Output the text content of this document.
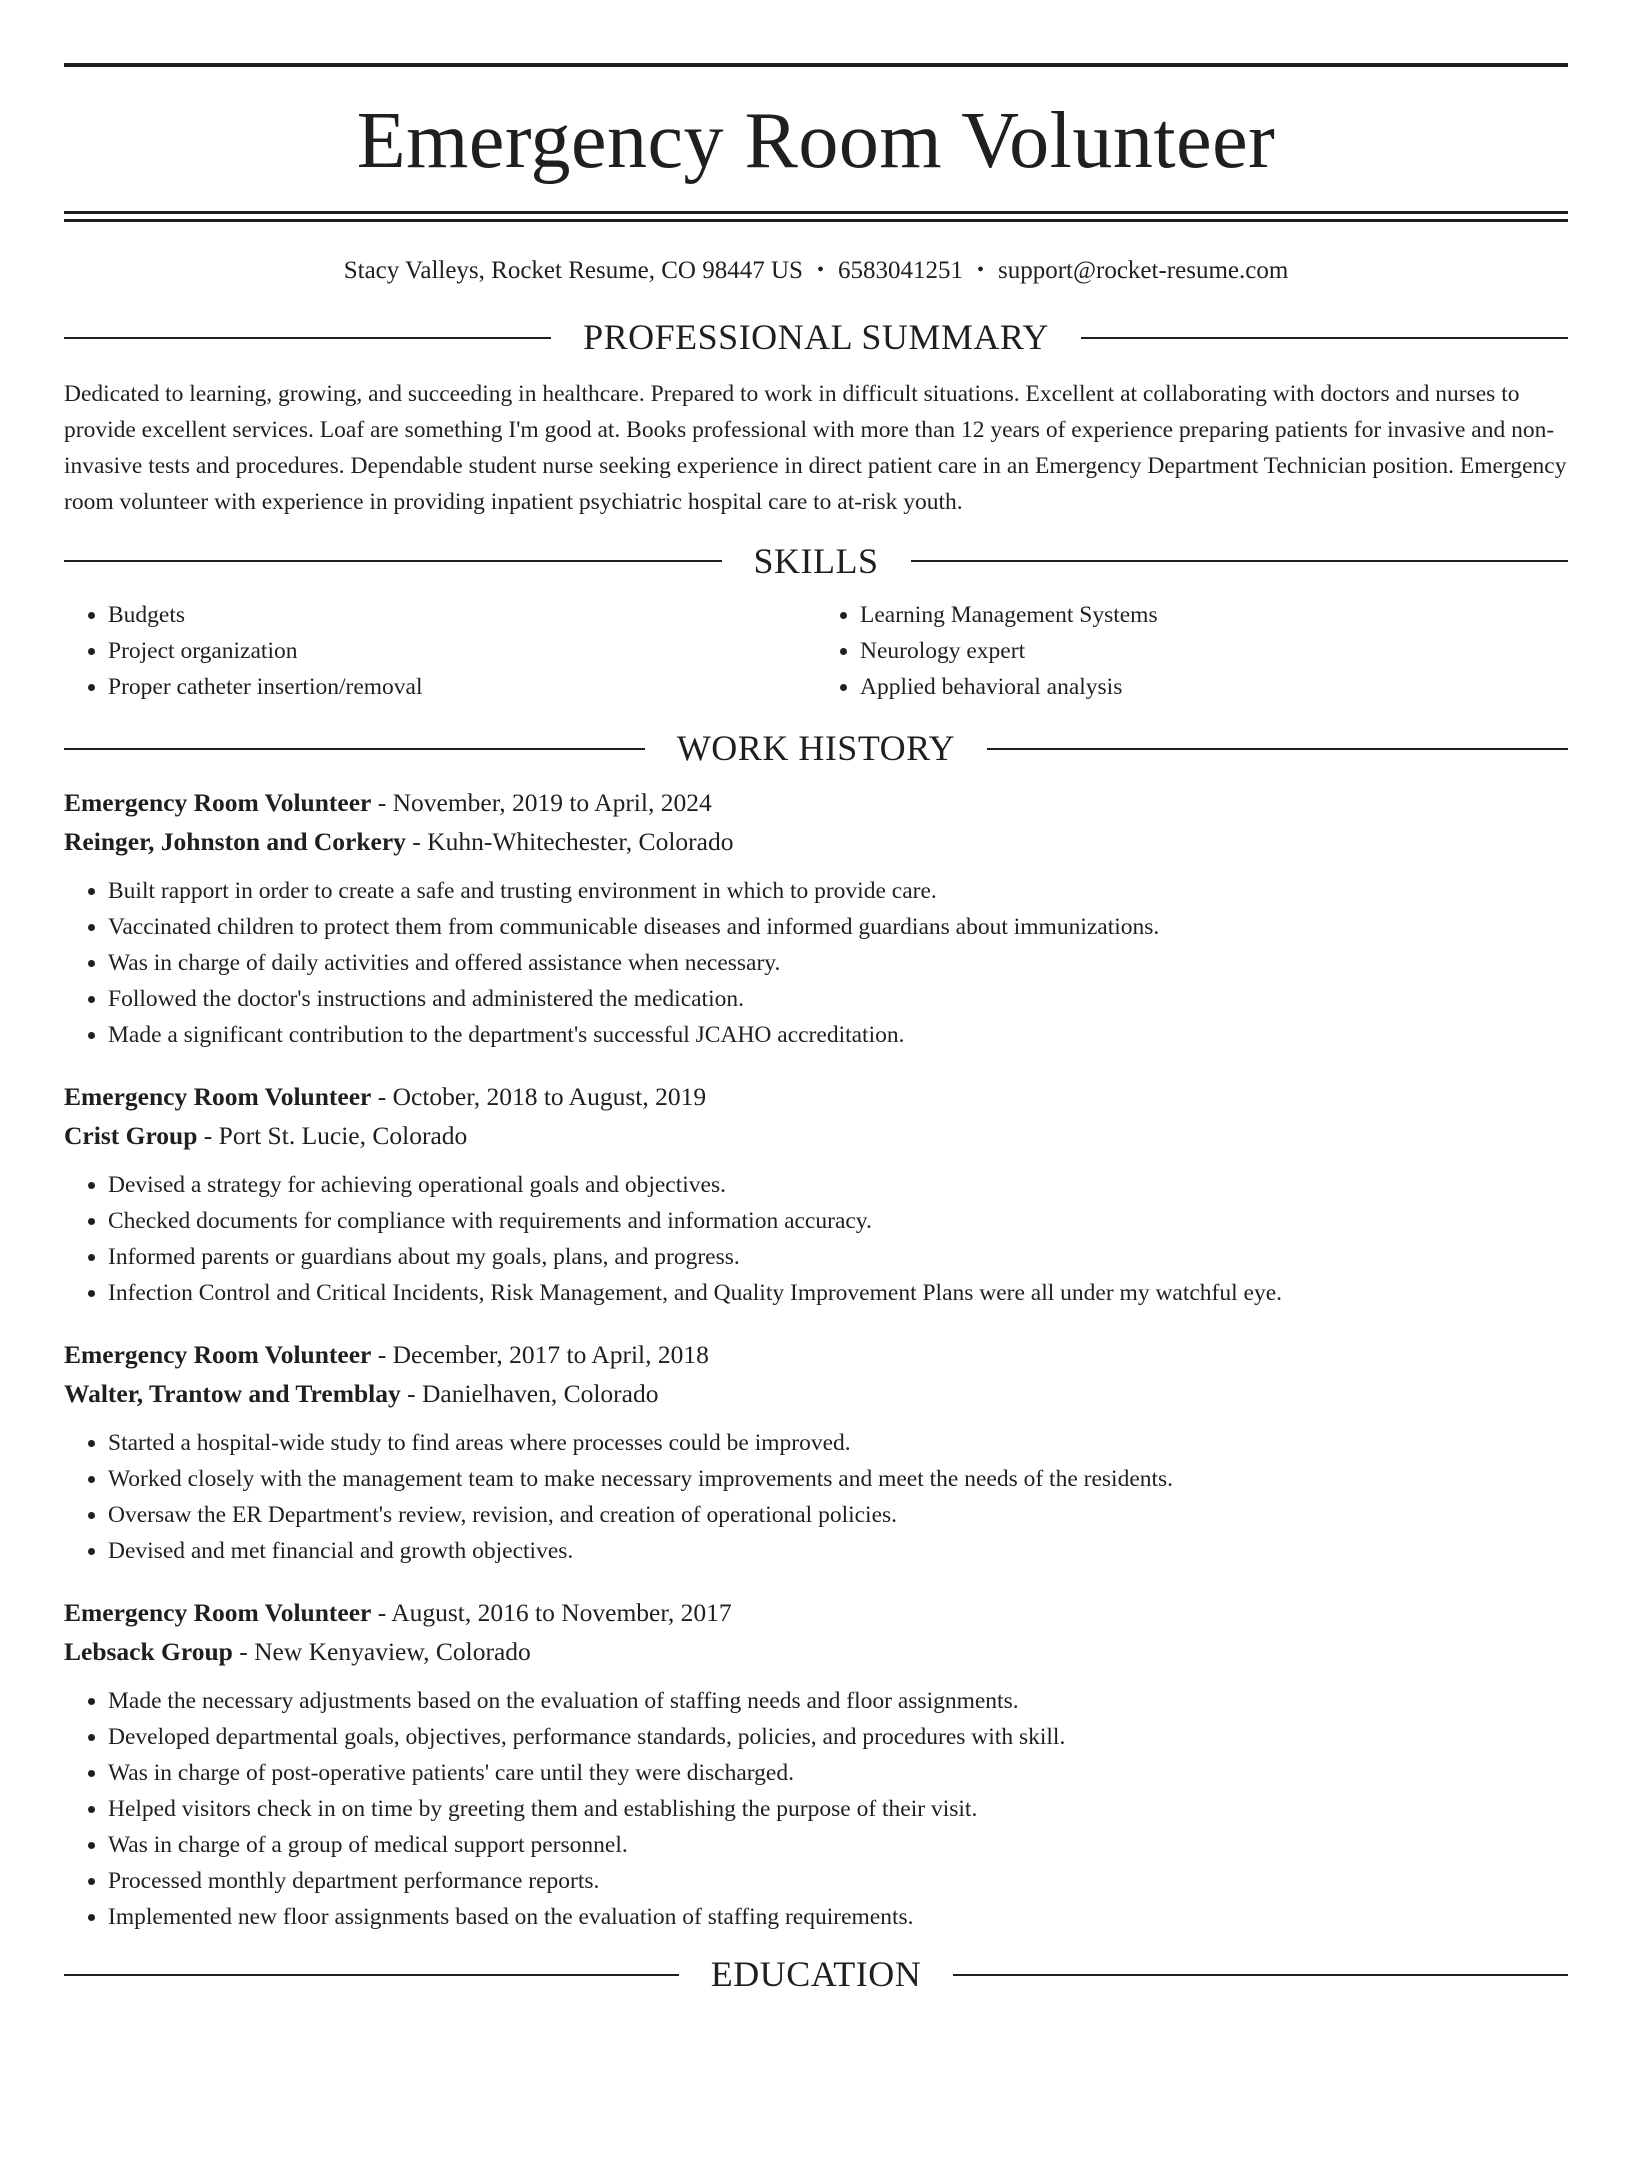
Emergency Room Volunteer
Stacy Valleys, Rocket Resume, CO 98447 US • 6583041251 • support@rocket-resume.com
PROFESSIONAL SUMMARY
Dedicated to learning, growing, and succeeding in healthcare. Prepared to work in difficult situations. Excellent at collaborating with doctors and nurses to provide excellent services. Loaf are something I'm good at. Books professional with more than 12 years of experience preparing patients for invasive and non-invasive tests and procedures. Dependable student nurse seeking experience in direct patient care in an Emergency Department Technician position. Emergency room volunteer with experience in providing inpatient psychiatric hospital care to at-risk youth.
SKILLS
• Budgets
• Project organization
• Proper catheter insertion/removal
• Learning Management Systems
• Neurology expert
• Applied behavioral analysis
WORK HISTORY
Emergency Room Volunteer - November, 2019 to April, 2024
Reinger, Johnston and Corkery - Kuhn-Whitechester, Colorado
• Built rapport in order to create a safe and trusting environment in which to provide care.
• Vaccinated children to protect them from communicable diseases and informed guardians about immunizations.
• Was in charge of daily activities and offered assistance when necessary.
• Followed the doctor's instructions and administered the medication.
• Made a significant contribution to the department's successful JCAHO accreditation.
Emergency Room Volunteer - October, 2018 to August, 2019
Crist Group - Port St. Lucie, Colorado
• Devised a strategy for achieving operational goals and objectives.
• Checked documents for compliance with requirements and information accuracy.
• Informed parents or guardians about my goals, plans, and progress.
• Infection Control and Critical Incidents, Risk Management, and Quality Improvement Plans were all under my watchful eye.
Emergency Room Volunteer - December, 2017 to April, 2018
Walter, Trantow and Tremblay - Danielhaven, Colorado
• Started a hospital-wide study to find areas where processes could be improved.
• Worked closely with the management team to make necessary improvements and meet the needs of the residents.
• Oversaw the ER Department's review, revision, and creation of operational policies.
• Devised and met financial and growth objectives.
Emergency Room Volunteer - August, 2016 to November, 2017
Lebsack Group - New Kenyaview, Colorado
• Made the necessary adjustments based on the evaluation of staffing needs and floor assignments.
• Developed departmental goals, objectives, performance standards, policies, and procedures with skill.
• Was in charge of post-operative patients' care until they were discharged.
• Helped visitors check in on time by greeting them and establishing the purpose of their visit.
• Was in charge of a group of medical support personnel.
• Processed monthly department performance reports.
• Implemented new floor assignments based on the evaluation of staffing requirements.
EDUCATION
